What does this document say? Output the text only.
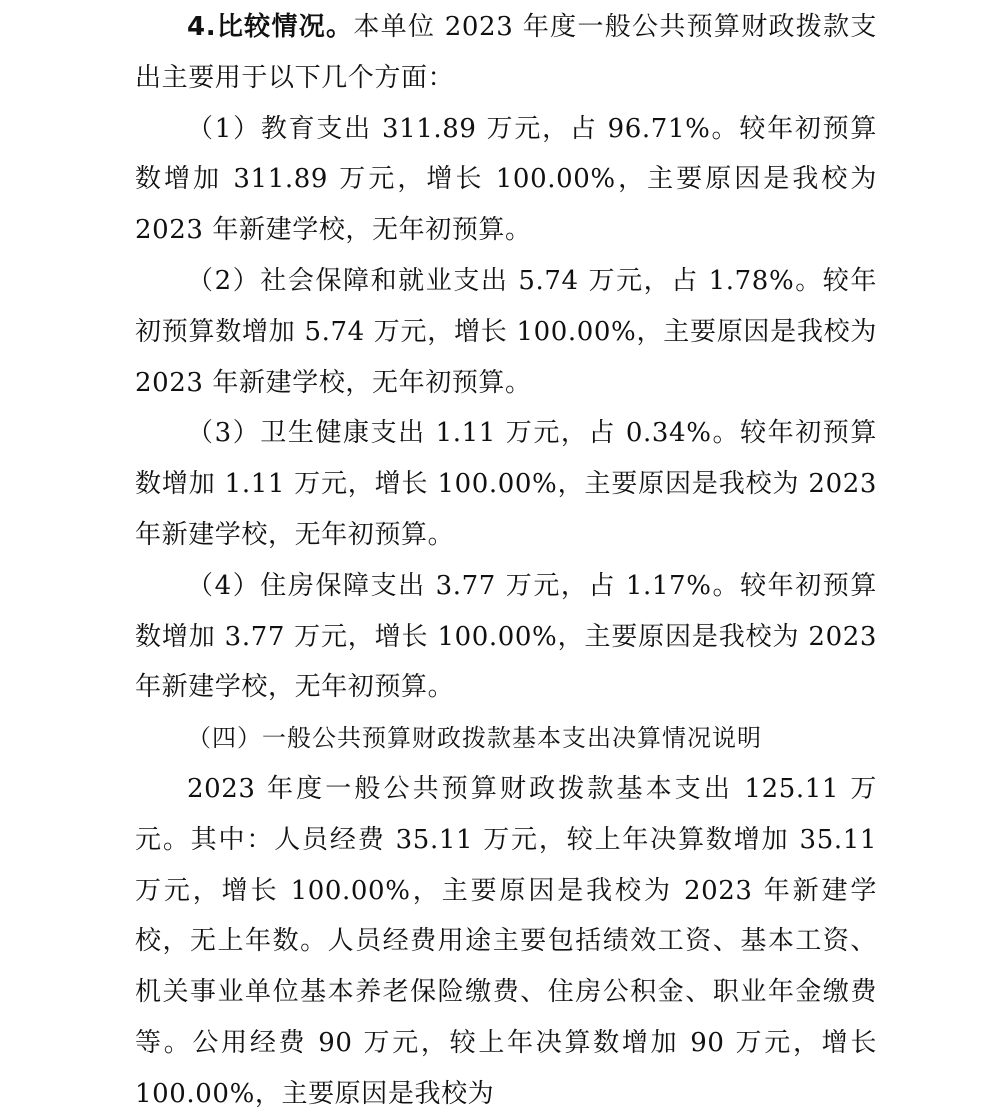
4.比较情况。本单位 2023 年度一般公共预算财政拨款支出主要用于以下几个方面：

（1）教育支出 311.89 万元，占 96.71%。较年初预算数增加 311.89 万元，增长 100.00%，主要原因是我校为 2023 年新建学校，无年初预算。

（2）社会保障和就业支出 5.74 万元，占 1.78%。较年初预算数增加 5.74 万元，增长 100.00%，主要原因是我校为 2023 年新建学校，无年初预算。

（3）卫生健康支出 1.11 万元，占 0.34%。较年初预算数增加 1.11 万元，增长 100.00%，主要原因是我校为 2023 年新建学校，无年初预算。

（4）住房保障支出 3.77 万元，占 1.17%。较年初预算数增加 3.77 万元，增长 100.00%，主要原因是我校为 2023 年新建学校，无年初预算。

（四）一般公共预算财政拨款基本支出决算情况说明

2023 年度一般公共预算财政拨款基本支出 125.11 万元。其中：人员经费 35.11 万元，较上年决算数增加 35.11 万元，增长 100.00%，主要原因是我校为 2023 年新建学校，无上年数。人员经费用途主要包括绩效工资、基本工资、机关事业单位基本养老保险缴费、住房公积金、职业年金缴费等。公用经费 90 万元，较上年决算数增加 90 万元，增长 100.00%，主要原因是我校为
